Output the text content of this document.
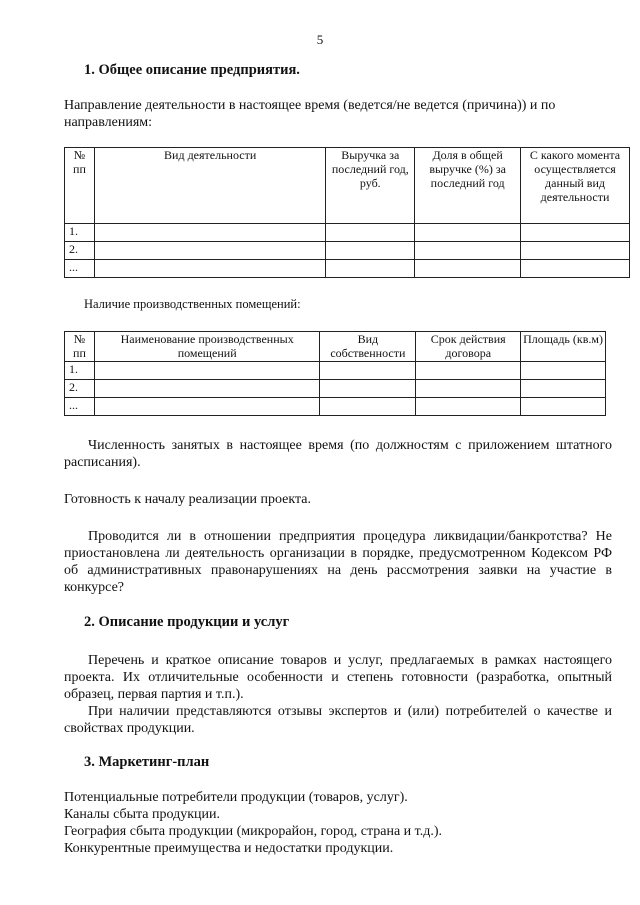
5
1. Общее описание предприятия.
Направление деятельности в настоящее время (ведется/не ведется (причина)) и по направлениям:
№ пп	Вид деятельности	Выручка за последний год, руб.	Доля в общей выручке (%) за последний год	С какого момента осуществляется данный вид деятельности
1.				
2.				
...				
Наличие производственных помещений:
№ пп	Наименование производственных помещений	Вид собственности	Срок действия договора	Площадь (кв.м)
1.				
2.				
...				
Численность занятых в настоящее время (по должностям с приложением штатного расписания).
Готовность к началу реализации проекта.
Проводится ли в отношении предприятия процедура ликвидации/банкротства? Не приостановлена ли деятельность организации в порядке, предусмотренном Кодексом РФ об административных правонарушениях на день рассмотрения заявки на участие в конкурсе?
2. Описание продукции и услуг
Перечень и краткое описание товаров и услуг, предлагаемых в рамках настоящего проекта. Их отличительные особенности и степень готовности (разработка, опытный образец, первая партия и т.п.).
При наличии представляются отзывы экспертов и (или) потребителей о качестве и свойствах продукции.
3. Маркетинг-план
Потенциальные потребители продукции (товаров, услуг).
Каналы сбыта продукции.
География сбыта продукции (микрорайон, город, страна и т.д.).
Конкурентные преимущества и недостатки продукции.
